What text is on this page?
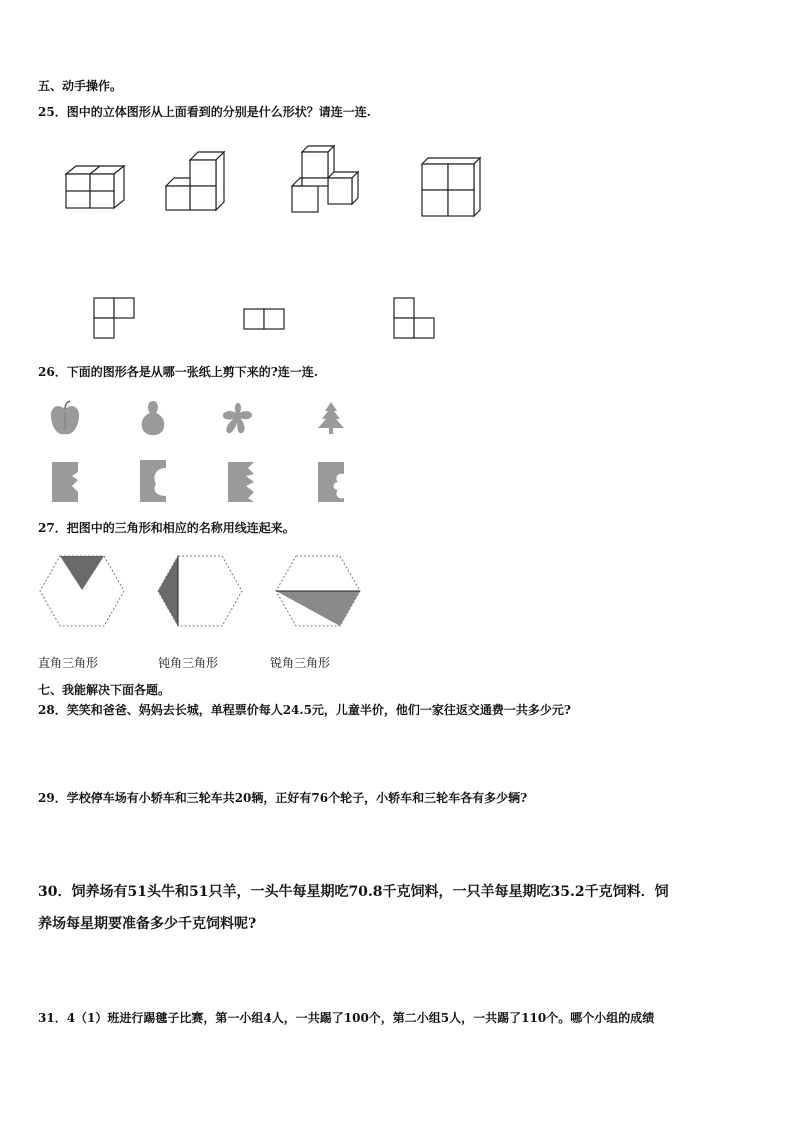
五、动手操作。
25．图中的立体图形从上面看到的分别是什么形状？请连一连.
26．下面的图形各是从哪一张纸上剪下来的?连一连.
27．把图中的三角形和相应的名称用线连起来。
直角三角形	钝角三角形	锐角三角形
七、我能解决下面各题。
28．笑笑和爸爸、妈妈去长城，单程票价每人24.5元，儿童半价，他们一家往返交通费一共多少元?
29．学校停车场有小轿车和三轮车共20辆，正好有76个轮子，小轿车和三轮车各有多少辆?
30．饲养场有51头牛和51只羊，一头牛每星期吃70.8千克饲料，一只羊每星期吃35.2千克饲料．饲
养场每星期要准备多少千克饲料呢?
31．4（1）班进行踢毽子比赛，第一小组4人，一共踢了100个，第二小组5人，一共踢了110个。哪个小组的成绩
